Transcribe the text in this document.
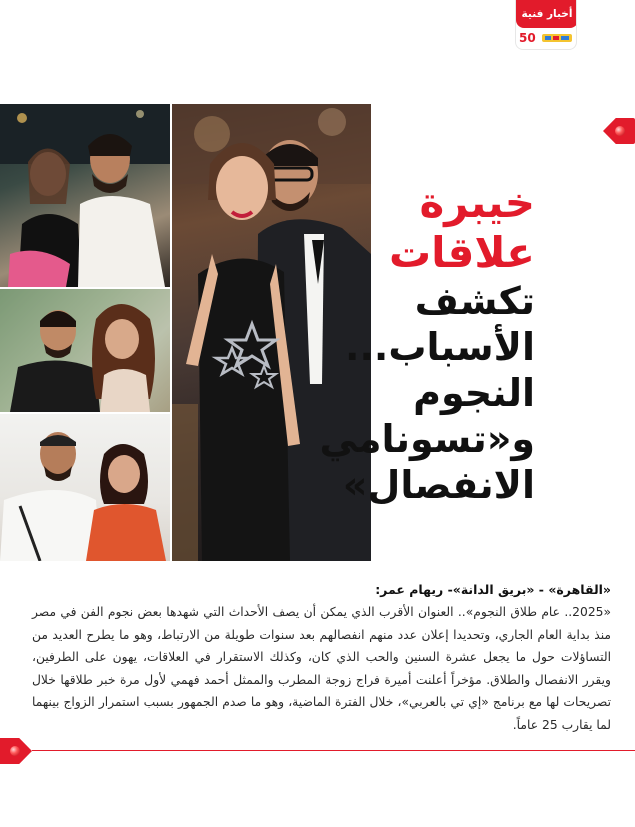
أخبار فنية
50
خيبرة
علاقات
تكشف
الأسباب...
النجوم
و«تسونامي
الانفصال»

«القاهرة» - «بريق الدانة»- ريهام عمر:

«2025.. عام طلاق النجوم».. العنوان الأقرب الذي يمكن أن يصف الأحداث التي شهدها بعض نجوم الفن في مصر منذ بداية العام الجاري، وتحديدا إعلان عدد منهم انفصالهم بعد سنوات طويلة من الارتباط، وهو ما يطرح العديد من التساؤلات حول ما يجعل عشرة السنين والحب الذي كان، وكذلك الاستقرار في العلاقات، يهون على الطرفين، ويقرر الانفصال والطلاق. مؤخراً أعلنت أميرة فراج زوجة المطرب والممثل أحمد فهمي لأول مرة خبر طلاقها خلال تصريحات لها مع برنامج «إي تي بالعربي»، خلال الفترة الماضية، وهو ما صدم الجمهور بسبب استمرار الزواج بينهما لما يقارب 25 عاماً.
